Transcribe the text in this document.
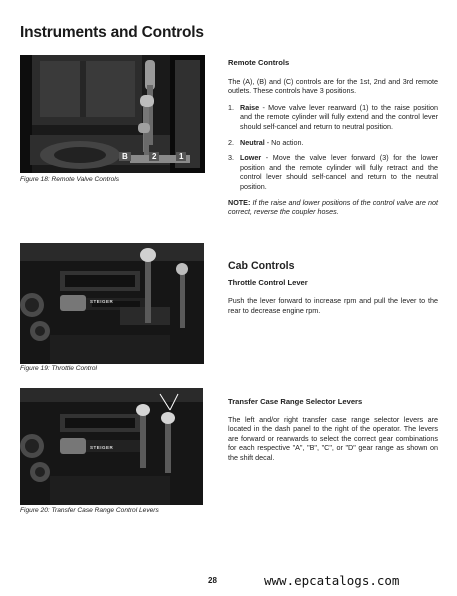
Instruments and Controls
B	2	1
Figure 18: Remote Valve Controls
STEIGER
Figure 19: Throttle Control
STEIGER
Figure 20: Transfer Case Range Control Levers
Remote Controls
The (A), (B) and (C) controls are for the 1st, 2nd and 3rd remote outlets. These controls have 3 positions.
1. Raise - Move valve lever rearward (1) to the raise position and the remote cylinder will fully extend and the control lever should self-cancel and return to neutral position.
2. Neutral - No action.
3. Lower - Move the valve lever forward (3) for the lower position and the remote cylinder will fully retract and the control lever should self-cancel and return to the neutral position.
NOTE: If the raise and lower positions of the control valve are not correct, reverse the coupler hoses.
Cab Controls
Throttle Control Lever
Push the lever forward to increase rpm and pull the lever to the rear to decrease engine rpm.
Transfer Case Range Selector Levers
The left and/or right transfer case range selector levers are located in the dash panel to the right of the operator. The levers are forward or rearwards to select the correct gear combinations for each respective "A", "B", "C", or "D" gear range as shown on the shift decal.
28	www.epcatalogs.com
